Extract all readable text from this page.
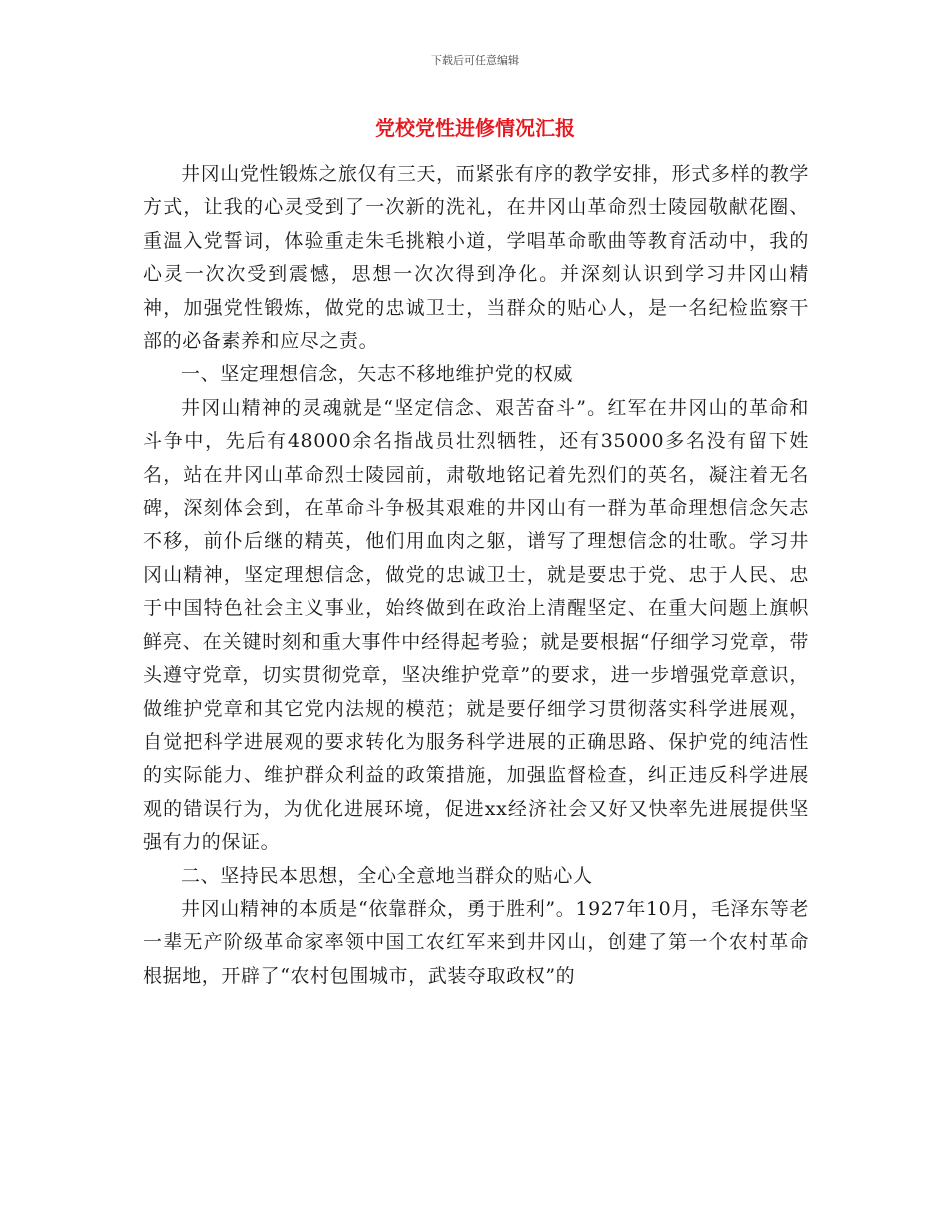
下载后可任意编辑
党校党性进修情况汇报

井冈山党性锻炼之旅仅有三天，而紧张有序的教学安排，形式多样的教学方式，让我的心灵受到了一次新的洗礼，在井冈山革命烈士陵园敬献花圈、重温入党誓词，体验重走朱毛挑粮小道，学唱革命歌曲等教育活动中，我的心灵一次次受到震憾，思想一次次得到净化。并深刻认识到学习井冈山精神，加强党性锻炼，做党的忠诚卫士，当群众的贴心人，是一名纪检监察干部的必备素养和应尽之责。

一、坚定理想信念，矢志不移地维护党的权威

井冈山精神的灵魂就是“坚定信念、艰苦奋斗”。红军在井冈山的革命和斗争中，先后有48000余名指战员壮烈牺牲，还有35000多名没有留下姓名，站在井冈山革命烈士陵园前，肃敬地铭记着先烈们的英名，凝注着无名碑，深刻体会到，在革命斗争极其艰难的井冈山有一群为革命理想信念矢志不移，前仆后继的精英，他们用血肉之躯，谱写了理想信念的壮歌。学习井冈山精神，坚定理想信念，做党的忠诚卫士，就是要忠于党、忠于人民、忠于中国特色社会主义事业，始终做到在政治上清醒坚定、在重大问题上旗帜鲜亮、在关键时刻和重大事件中经得起考验；就是要根据“仔细学习党章，带头遵守党章，切实贯彻党章，坚决维护党章”的要求，进一步增强党章意识，做维护党章和其它党内法规的模范；就是要仔细学习贯彻落实科学进展观，自觉把科学进展观的要求转化为服务科学进展的正确思路、保护党的纯洁性的实际能力、维护群众利益的政策措施，加强监督检查，纠正违反科学进展观的错误行为，为优化进展环境，促进xx经济社会又好又快率先进展提供坚强有力的保证。

二、坚持民本思想，全心全意地当群众的贴心人

井冈山精神的本质是“依靠群众，勇于胜利”。1927年10月，毛泽东等老一辈无产阶级革命家率领中国工农红军来到井冈山，创建了第一个农村革命根据地，开辟了“农村包围城市，武装夺取政权”的
